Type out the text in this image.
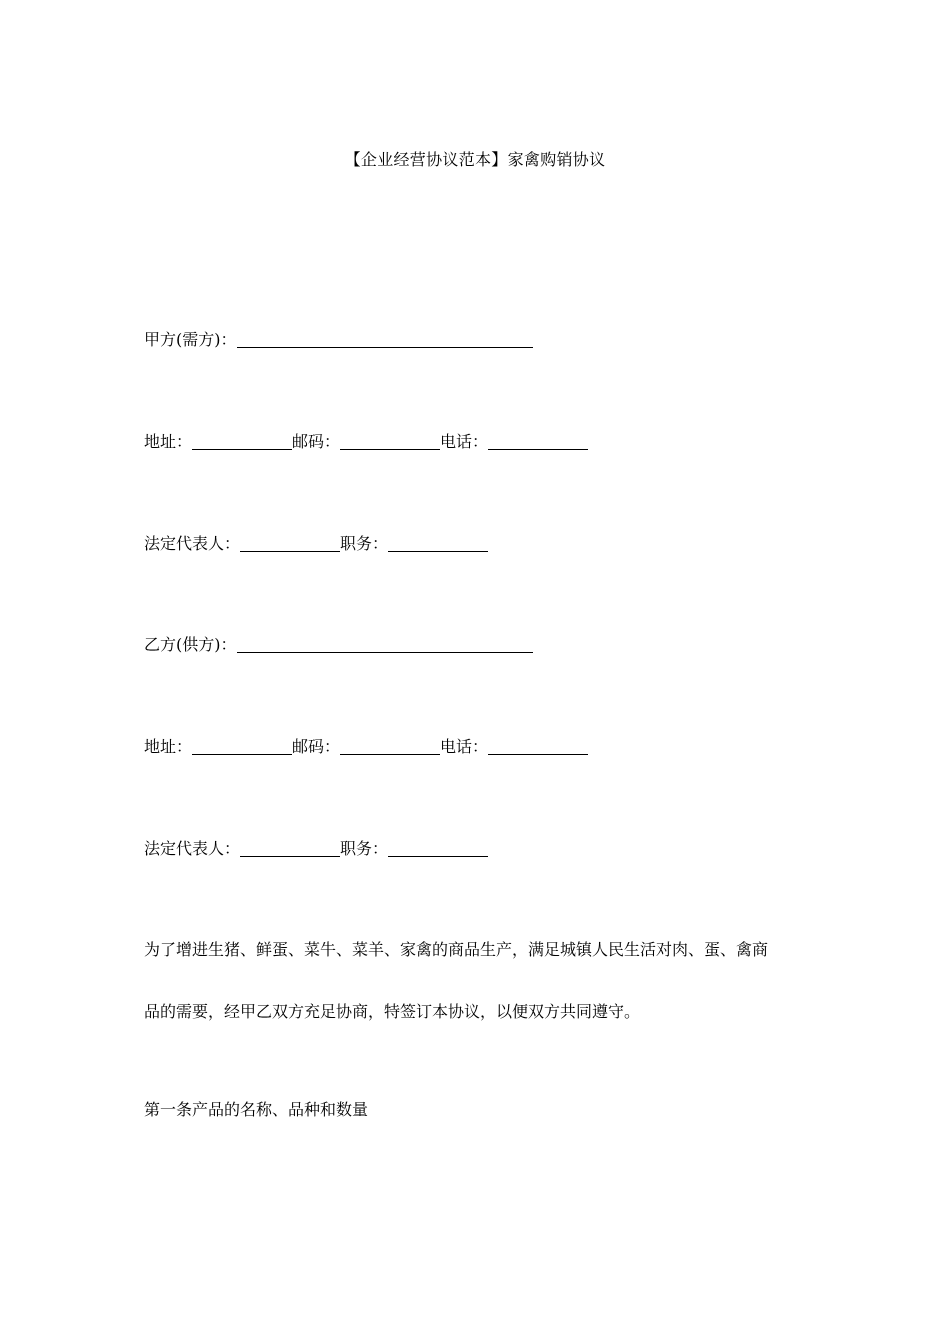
【企业经营协议范本】家禽购销协议
甲方(需方)：
地址：	邮码：	电话：
法定代表人：	职务：
乙方(供方)：
地址：	邮码：	电话：
法定代表人：	职务：
为了增进生猪、鲜蛋、菜牛、菜羊、家禽的商品生产，满足城镇人民生活对肉、蛋、禽商
品的需要，经甲乙双方充足协商，特签订本协议，以便双方共同遵守。
第一条产品的名称、品种和数量
